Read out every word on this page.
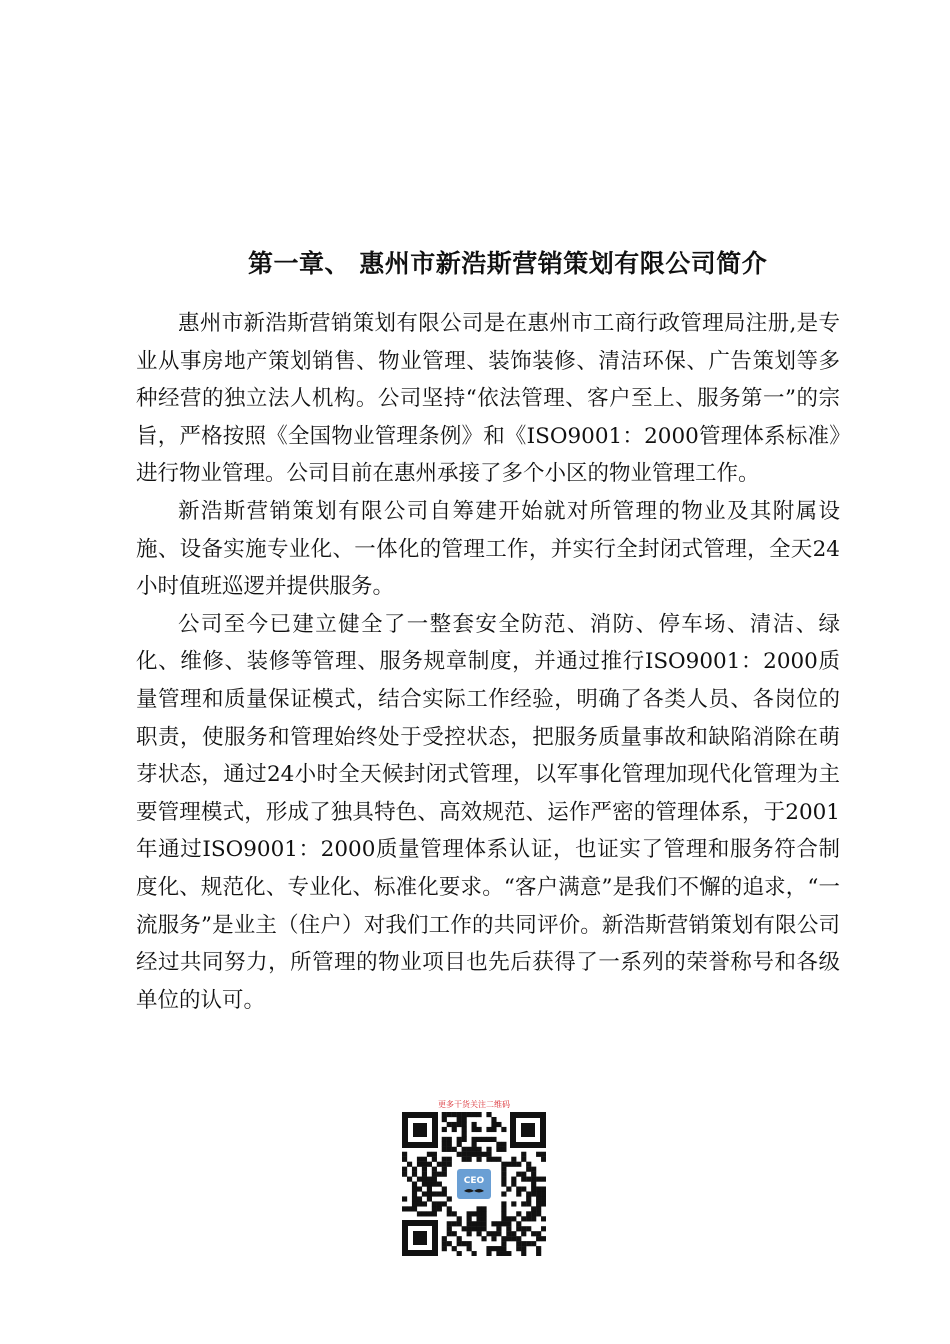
第一章、 惠州市新浩斯营销策划有限公司简介

惠州市新浩斯营销策划有限公司是在惠州市工商行政管理局注册,是专业从事房地产策划销售、物业管理、装饰装修、清洁环保、广告策划等多种经营的独立法人机构。公司坚持“依法管理、客户至上、服务第一”的宗旨，严格按照《全国物业管理条例》和《ISO9001：2000管理体系标准》进行物业管理。公司目前在惠州承接了多个小区的物业管理工作。

新浩斯营销策划有限公司自筹建开始就对所管理的物业及其附属设施、设备实施专业化、一体化的管理工作，并实行全封闭式管理，全天24小时值班巡逻并提供服务。

公司至今已建立健全了一整套安全防范、消防、停车场、清洁、绿化、维修、装修等管理、服务规章制度，并通过推行ISO9001：2000质量管理和质量保证模式，结合实际工作经验，明确了各类人员、各岗位的职责，使服务和管理始终处于受控状态，把服务质量事故和缺陷消除在萌芽状态，通过24小时全天候封闭式管理，以军事化管理加现代化管理为主要管理模式，形成了独具特色、高效规范、运作严密的管理体系，于2001年通过ISO9001：2000质量管理体系认证，也证实了管理和服务符合制度化、规范化、专业化、标准化要求。“客户满意”是我们不懈的追求，“一流服务”是业主（住户）对我们工作的共同评价。新浩斯营销策划有限公司经过共同努力，所管理的物业项目也先后获得了一系列的荣誉称号和各级单位的认可。

更多干货关注二维码
CEO
